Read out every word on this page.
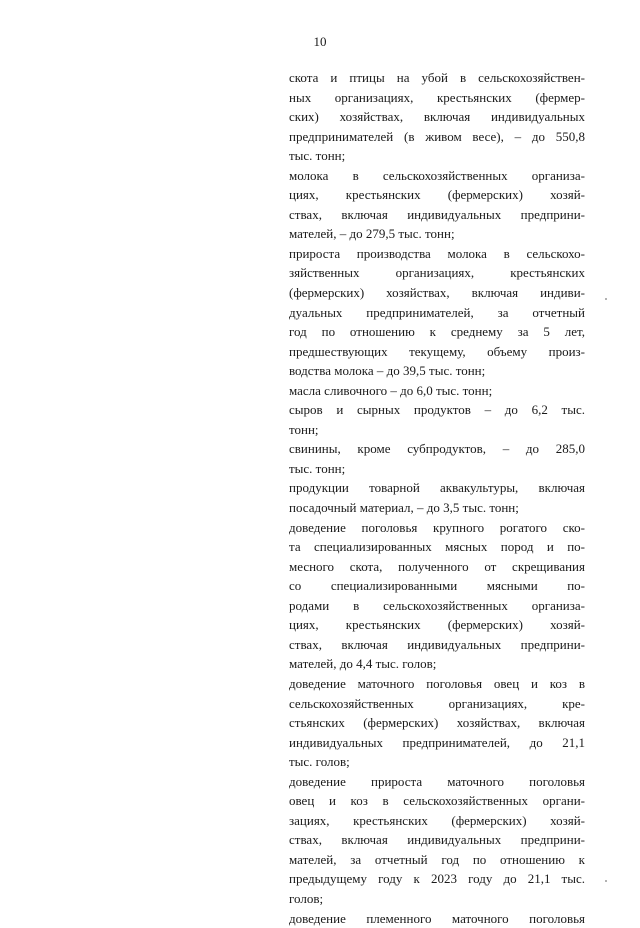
10
скота и птицы на убой в сельскохозяйствен-
ных организациях, крестьянских (фермер-
ских) хозяйствах, включая индивидуальных
предпринимателей (в живом весе), – до 550,8
тыс. тонн;
молока в сельскохозяйственных организа-
циях, крестьянских (фермерских) хозяй-
ствах, включая индивидуальных предприни-
мателей, – до 279,5 тыс. тонн;
прироста производства молока в сельскохо-
зяйственных организациях, крестьянских
(фермерских) хозяйствах, включая индиви-
дуальных предпринимателей, за отчетный
год по отношению к среднему за 5 лет,
предшествующих текущему, объему произ-
водства молока – до 39,5 тыс. тонн;
масла сливочного – до 6,0 тыс. тонн;
сыров и сырных продуктов – до 6,2 тыс.
тонн;
свинины, кроме субпродуктов, – до 285,0
тыс. тонн;
продукции товарной аквакультуры, включая
посадочный материал, – до 3,5 тыс. тонн;
доведение поголовья крупного рогатого ско-
та специализированных мясных пород и по-
месного скота, полученного от скрещивания
со специализированными мясными по-
родами в сельскохозяйственных организа-
циях, крестьянских (фермерских) хозяй-
ствах, включая индивидуальных предприни-
мателей, до 4,4 тыс. голов;
доведение маточного поголовья овец и коз в
сельскохозяйственных организациях, кре-
стьянских (фермерских) хозяйствах, включая
индивидуальных предпринимателей, до 21,1
тыс. голов;
доведение прироста маточного поголовья
овец и коз в сельскохозяйственных органи-
зациях, крестьянских (фермерских) хозяй-
ствах, включая индивидуальных предприни-
мателей, за отчетный год по отношению к
предыдущему году к 2023 году до 21,1 тыс.
голов;
доведение племенного маточного поголовья
